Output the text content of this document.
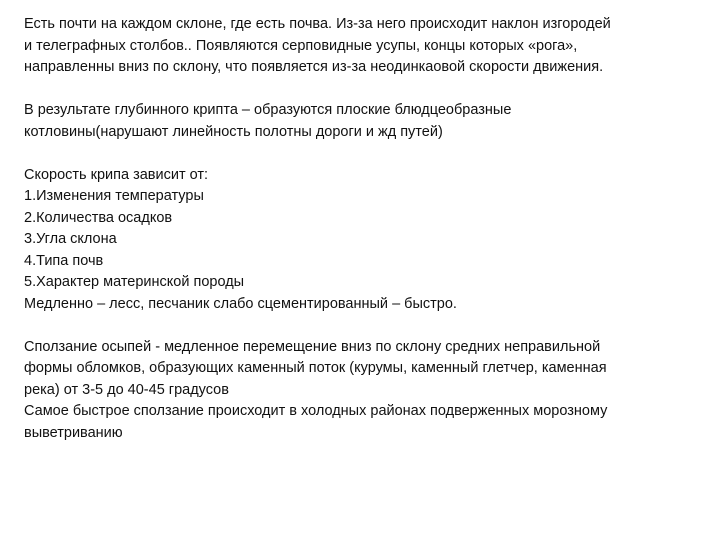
Есть почти на каждом склоне, где есть почва. Из-за него происходит наклон изгородей
и телеграфных столбов.. Появляются серповидные усупы, концы которых «рога»,
направленны вниз по склону, что появляется из-за неодинкаовой скорости движения.

В результате глубинного крипта – образуются плоские блюдцеобразные
котловины(нарушают линейность полотны дороги и жд путей)

Скорость крипа зависит от:
1.Изменения температуры
2.Количества осадков
3.Угла склона
4.Типа почв
5.Характер материнской породы
Медленно – лесс, песчаник слабо сцементированный – быстро.

Сползание осыпей - медленное перемещение вниз по склону средних неправильной
формы обломков, образующих каменный поток (курумы, каменный глетчер, каменная
река) от 3-5 до 40-45 градусов
Самое быстрое сползание происходит в холодных районах подверженных морозному
выветриванию
